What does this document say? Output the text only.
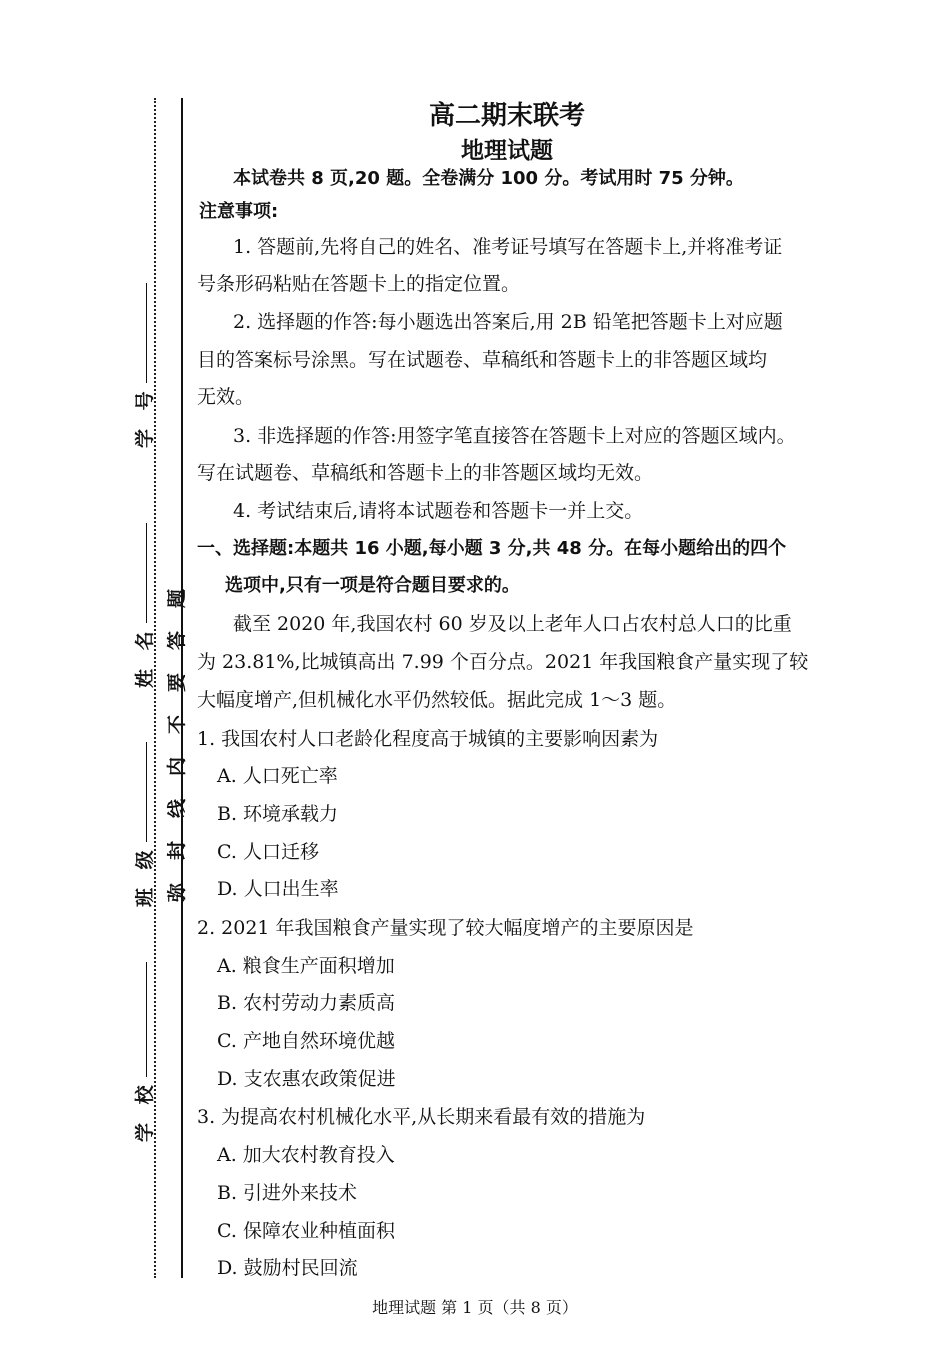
学 校
班 级
姓 名
学 号
弥封线内不要答题
高二期末联考
地理试题
本试卷共 8 页,20 题。全卷满分 100 分。考试用时 75 分钟。
注意事项:
1. 答题前,先将自己的姓名、准考证号填写在答题卡上,并将准考证
号条形码粘贴在答题卡上的指定位置。
2. 选择题的作答:每小题选出答案后,用 2B 铅笔把答题卡上对应题
目的答案标号涂黑。写在试题卷、草稿纸和答题卡上的非答题区域均
无效。
3. 非选择题的作答:用签字笔直接答在答题卡上对应的答题区域内。
写在试题卷、草稿纸和答题卡上的非答题区域均无效。
4. 考试结束后,请将本试题卷和答题卡一并上交。
一、选择题:本题共 16 小题,每小题 3 分,共 48 分。在每小题给出的四个
选项中,只有一项是符合题目要求的。
截至 2020 年,我国农村 60 岁及以上老年人口占农村总人口的比重
为 23.81%,比城镇高出 7.99 个百分点。2021 年我国粮食产量实现了较
大幅度增产,但机械化水平仍然较低。据此完成 1～3 题。
1. 我国农村人口老龄化程度高于城镇的主要影响因素为
A. 人口死亡率
B. 环境承载力
C. 人口迁移
D. 人口出生率
2. 2021 年我国粮食产量实现了较大幅度增产的主要原因是
A. 粮食生产面积增加
B. 农村劳动力素质高
C. 产地自然环境优越
D. 支农惠农政策促进
3. 为提高农村机械化水平,从长期来看最有效的措施为
A. 加大农村教育投入
B. 引进外来技术
C. 保障农业种植面积
D. 鼓励村民回流
地理试题 第 1 页（共 8 页）
